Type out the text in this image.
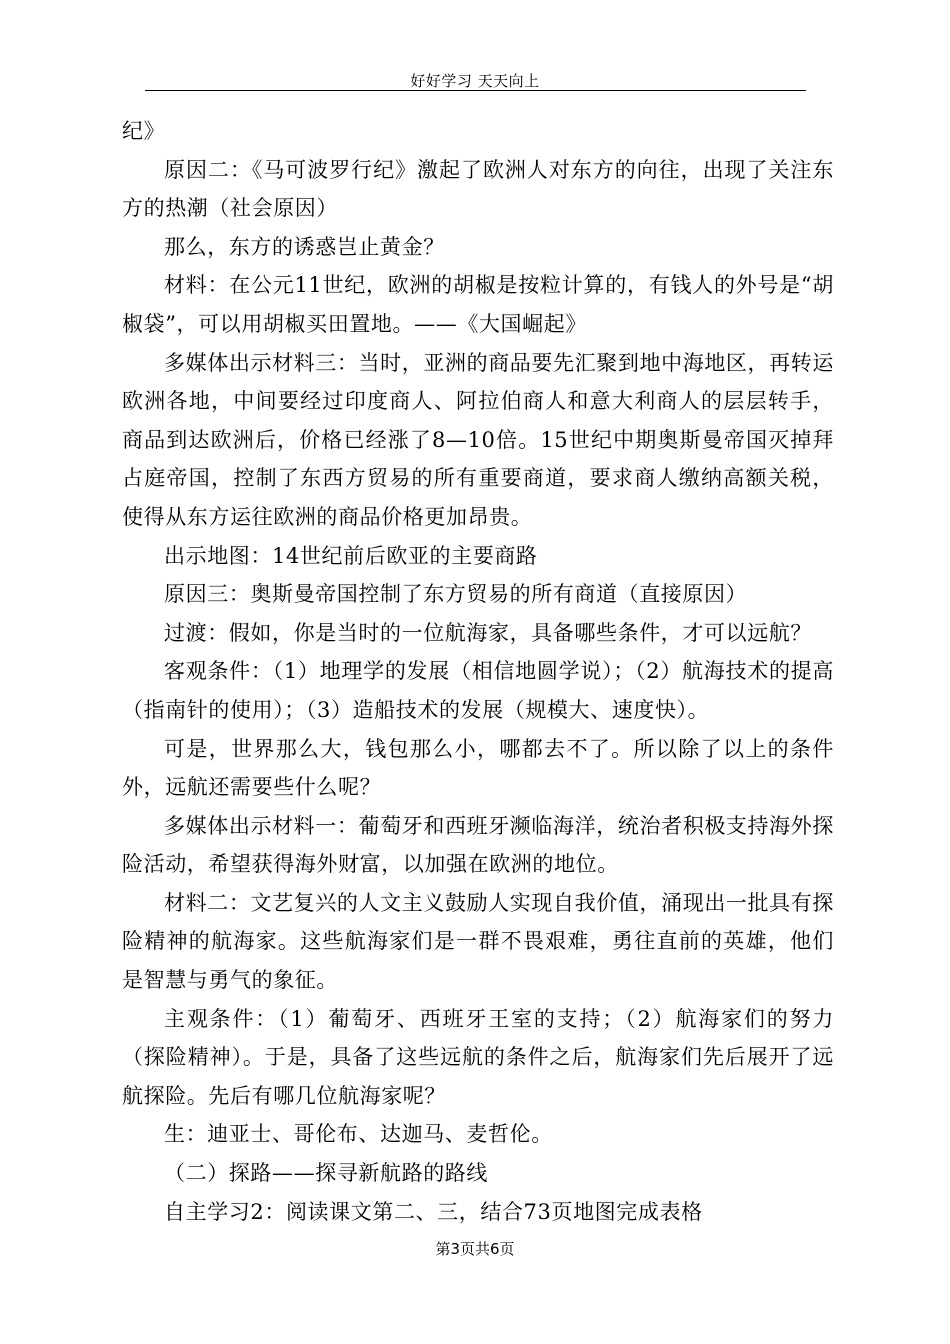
好好学习 天天向上

纪》

原因二：《马可波罗行纪》激起了欧洲人对东方的向往，出现了关注东方的热潮（社会原因）

那么，东方的诱惑岂止黄金？

材料：在公元11世纪，欧洲的胡椒是按粒计算的，有钱人的外号是“胡椒袋”，可以用胡椒买田置地。——《大国崛起》

多媒体出示材料三：当时，亚洲的商品要先汇聚到地中海地区，再转运欧洲各地，中间要经过印度商人、阿拉伯商人和意大利商人的层层转手，商品到达欧洲后，价格已经涨了8—10倍。15世纪中期奥斯曼帝国灭掉拜占庭帝国，控制了东西方贸易的所有重要商道，要求商人缴纳高额关税，使得从东方运往欧洲的商品价格更加昂贵。

出示地图：14世纪前后欧亚的主要商路

原因三：奥斯曼帝国控制了东方贸易的所有商道（直接原因）

过渡：假如，你是当时的一位航海家，具备哪些条件，才可以远航？

客观条件：（1）地理学的发展（相信地圆学说）；（2）航海技术的提高（指南针的使用）；（3）造船技术的发展（规模大、速度快）。

可是，世界那么大，钱包那么小，哪都去不了。所以除了以上的条件外，远航还需要些什么呢？

多媒体出示材料一：葡萄牙和西班牙濒临海洋，统治者积极支持海外探险活动，希望获得海外财富，以加强在欧洲的地位。

材料二：文艺复兴的人文主义鼓励人实现自我价值，涌现出一批具有探险精神的航海家。这些航海家们是一群不畏艰难，勇往直前的英雄，他们是智慧与勇气的象征。

主观条件：（1）葡萄牙、西班牙王室的支持；（2）航海家们的努力（探险精神）。于是，具备了这些远航的条件之后，航海家们先后展开了远航探险。先后有哪几位航海家呢？

生：迪亚士、哥伦布、达迦马、麦哲伦。

（二）探路——探寻新航路的路线

自主学习2：阅读课文第二、三，结合73页地图完成表格

第3页共6页
